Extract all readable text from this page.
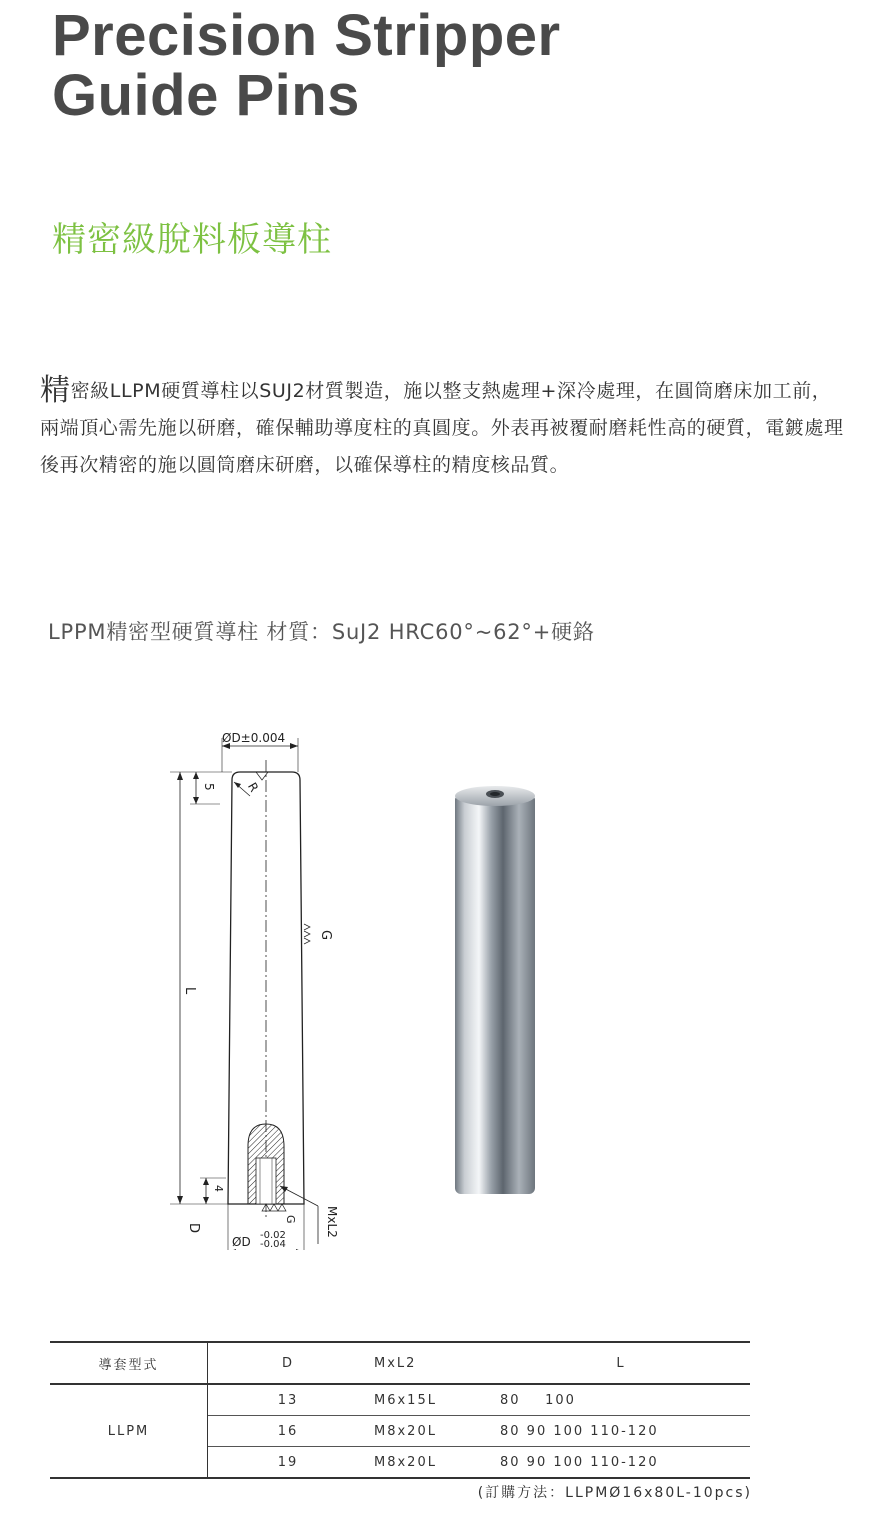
Precision Stripper
Guide Pins
精密級脫料板導柱
精密級LLPM硬質導柱以SUJ2材質製造，施以整支熱處理+深冷處理，在圓筒磨床加工前，兩端頂心需先施以研磨，確保輔助導度柱的真圓度。外表再被覆耐磨耗性高的硬質，電鍍處理後再次精密的施以圓筒磨床研磨，以確保導柱的精度核品質。
LPPM精密型硬質導柱 材質：SuJ2 HRC60°~62°+硬鉻
ØD±0.004
L
5 R
G
4
D
G MxL2
ØD -0.02
-0.04
導套型式	D	MxL2	L
LLPM	13	M6x15L	80    100
	16	M8x20L	80 90 100 110-120
	19	M8x20L	80 90 100 110-120
(訂購方法：LLPMØ16x80L-10pcs)
